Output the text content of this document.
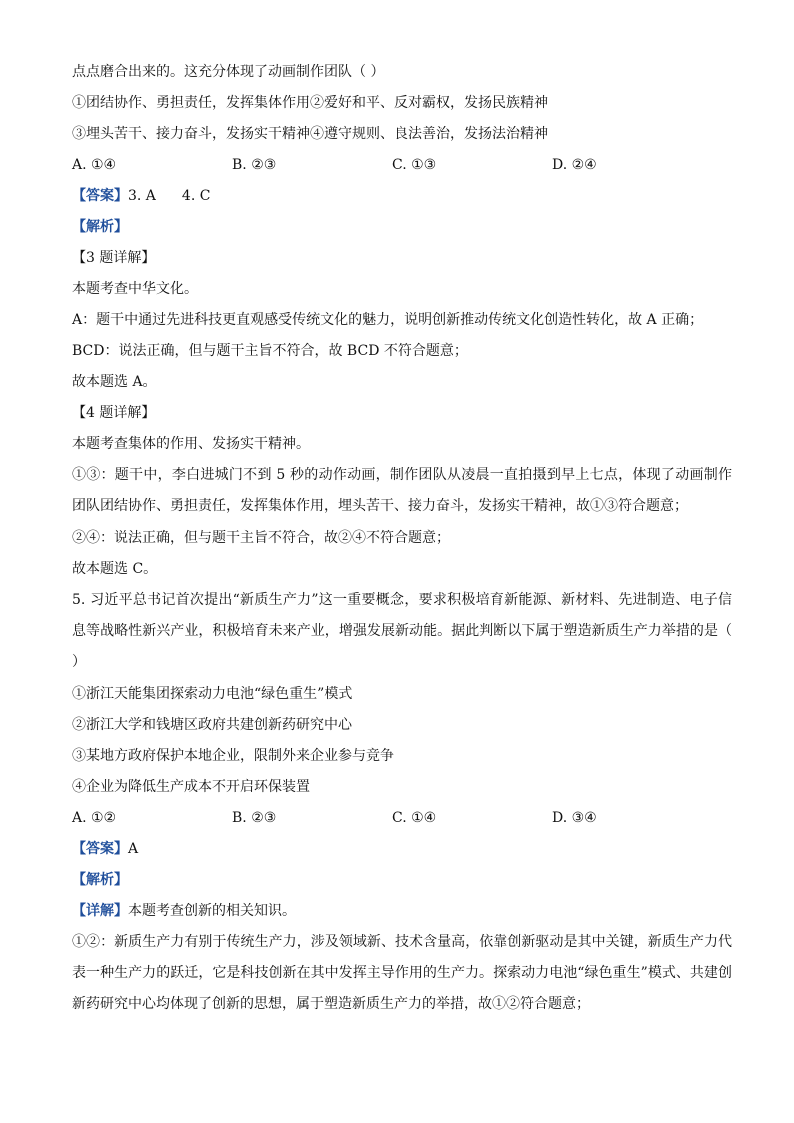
点点磨合出来的。这充分体现了动画制作团队（ ）

①团结协作、勇担责任，发挥集体作用②爱好和平、反对霸权，发扬民族精神

③埋头苦干、接力奋斗，发扬实干精神④遵守规则、良法善治，发扬法治精神

A. ①④	B. ②③	C. ①③	D. ②④

【答案】3. A 4. C

【解析】

【3 题详解】

本题考查中华文化。

A：题干中通过先进科技更直观感受传统文化的魅力，说明创新推动传统文化创造性转化，故 A 正确；

BCD：说法正确，但与题干主旨不符合，故 BCD 不符合题意；

故本题选 A。

【4 题详解】

本题考查集体的作用、发扬实干精神。

①③：题干中，李白进城门不到 5 秒的动作动画，制作团队从凌晨一直拍摄到早上七点，体现了动画制作团队团结协作、勇担责任，发挥集体作用，埋头苦干、接力奋斗，发扬实干精神，故①③符合题意；

②④：说法正确，但与题干主旨不符合，故②④不符合题意；

故本题选 C。

5. 习近平总书记首次提出“新质生产力”这一重要概念，要求积极培育新能源、新材料、先进制造、电子信息等战略性新兴产业，积极培育未来产业，增强发展新动能。据此判断以下属于塑造新质生产力举措的是（ ）

①浙江天能集团探索动力电池“绿色重生”模式

②浙江大学和钱塘区政府共建创新药研究中心

③某地方政府保护本地企业，限制外来企业参与竞争

④企业为降低生产成本不开启环保装置

A. ①②	B. ②③	C. ①④	D. ③④

【答案】A

【解析】

【详解】本题考查创新的相关知识。

①②：新质生产力有别于传统生产力，涉及领域新、技术含量高，依靠创新驱动是其中关键，新质生产力代表一种生产力的跃迁，它是科技创新在其中发挥主导作用的生产力。探索动力电池“绿色重生”模式、共建创新药研究中心均体现了创新的思想，属于塑造新质生产力的举措，故①②符合题意；
